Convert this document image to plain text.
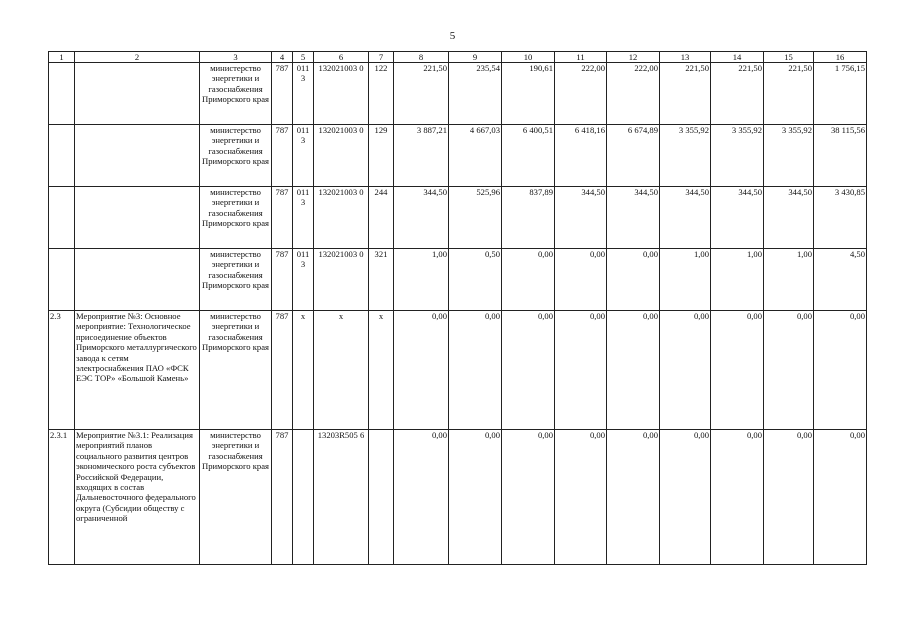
5
1	2	3	4	5	6	7	8	9	10	11	12	13	14	15	16
		министерство энергетики и газоснабжения Приморского края	787	011 3	132021003 0	122	221,50	235,54	190,61	222,00	222,00	221,50	221,50	221,50	1 756,15
		министерство энергетики и газоснабжения Приморского края	787	011 3	132021003 0	129	3 887,21	4 667,03	6 400,51	6 418,16	6 674,89	3 355,92	3 355,92	3 355,92	38 115,56
		министерство энергетики и газоснабжения Приморского края	787	011 3	132021003 0	244	344,50	525,96	837,89	344,50	344,50	344,50	344,50	344,50	3 430,85
		министерство энергетики и газоснабжения Приморского края	787	011 3	132021003 0	321	1,00	0,50	0,00	0,00	0,00	1,00	1,00	1,00	4,50
2.3	Мероприятие №3: Основное мероприятие: Технологическое присоединение объектов Приморского металлургического завода к сетям электроснабжения ПАО «ФСК ЕЭС ТОР» «Большой Камень»	министерство энергетики и газоснабжения Приморского края	787	х	х	х	0,00	0,00	0,00	0,00	0,00	0,00	0,00	0,00	0,00
2.3.1	Мероприятие №3.1: Реализация мероприятий планов социального развития центров экономического роста субъектов Российской Федерации, входящих в состав Дальневосточного федерального округа (Субсидии обществу с ограниченной	министерство энергетики и газоснабжения Приморского края	787		13203R505 6		0,00	0,00	0,00	0,00	0,00	0,00	0,00	0,00	0,00
